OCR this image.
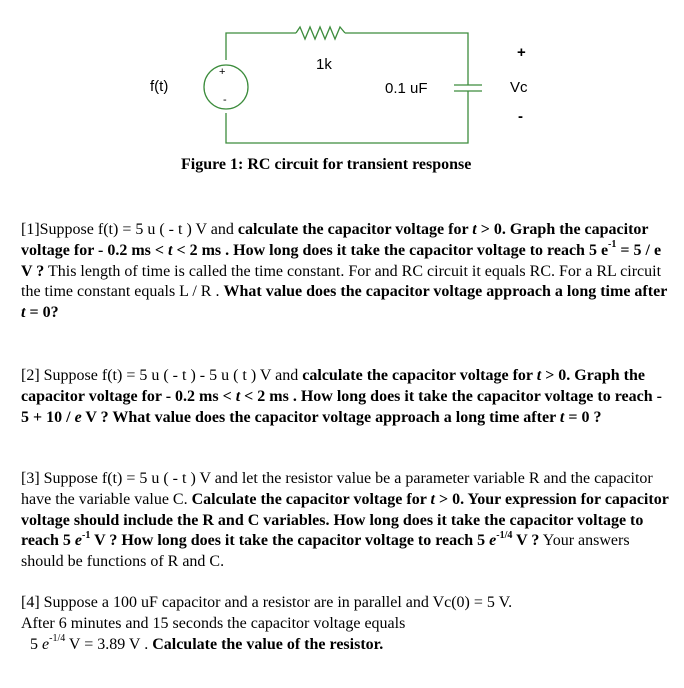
+
-
f(t)
1k
0.1 uF
+
Vc
-
Figure 1: RC circuit for transient response

[1]Suppose f(t) = 5 u ( - t ) V and calculate the capacitor voltage for t > 0. Graph the capacitor voltage for - 0.2 ms < t < 2 ms . How long does it take the capacitor voltage to reach 5 $e^{-1} = 5 / e$ V ? This length of time is called the time constant. For and RC circuit it equals RC. For a RL circuit the time constant equals L / R . What value does the capacitor voltage approach a long time after t = 0?

[2] Suppose f(t) = 5 u ( - t ) - 5 u ( t ) V and calculate the capacitor voltage for t > 0. Graph the capacitor voltage for - 0.2 ms < t < 2 ms . How long does it take the capacitor voltage to reach - 5 + 10 / e V ? What value does the capacitor voltage approach a long time after t = 0 ?

[3] Suppose f(t) = 5 u ( - t ) V and let the resistor value be a parameter variable R and the capacitor have the variable value C. Calculate the capacitor voltage for t > 0. Your expression for capacitor voltage should include the R and C variables. How long does it take the capacitor voltage to reach 5 $e^{-1}$ V ? How long does it take the capacitor voltage to reach 5 $e^{-1/4}$ V ? Your answers should be functions of R and C.

[4] Suppose a 100 uF capacitor and a resistor are in parallel and Vc(0) = 5 V.

After 6 minutes and 15 seconds the capacitor voltage equals

5 $e^{-1/4}$ V = 3.89 V . Calculate the value of the resistor.
